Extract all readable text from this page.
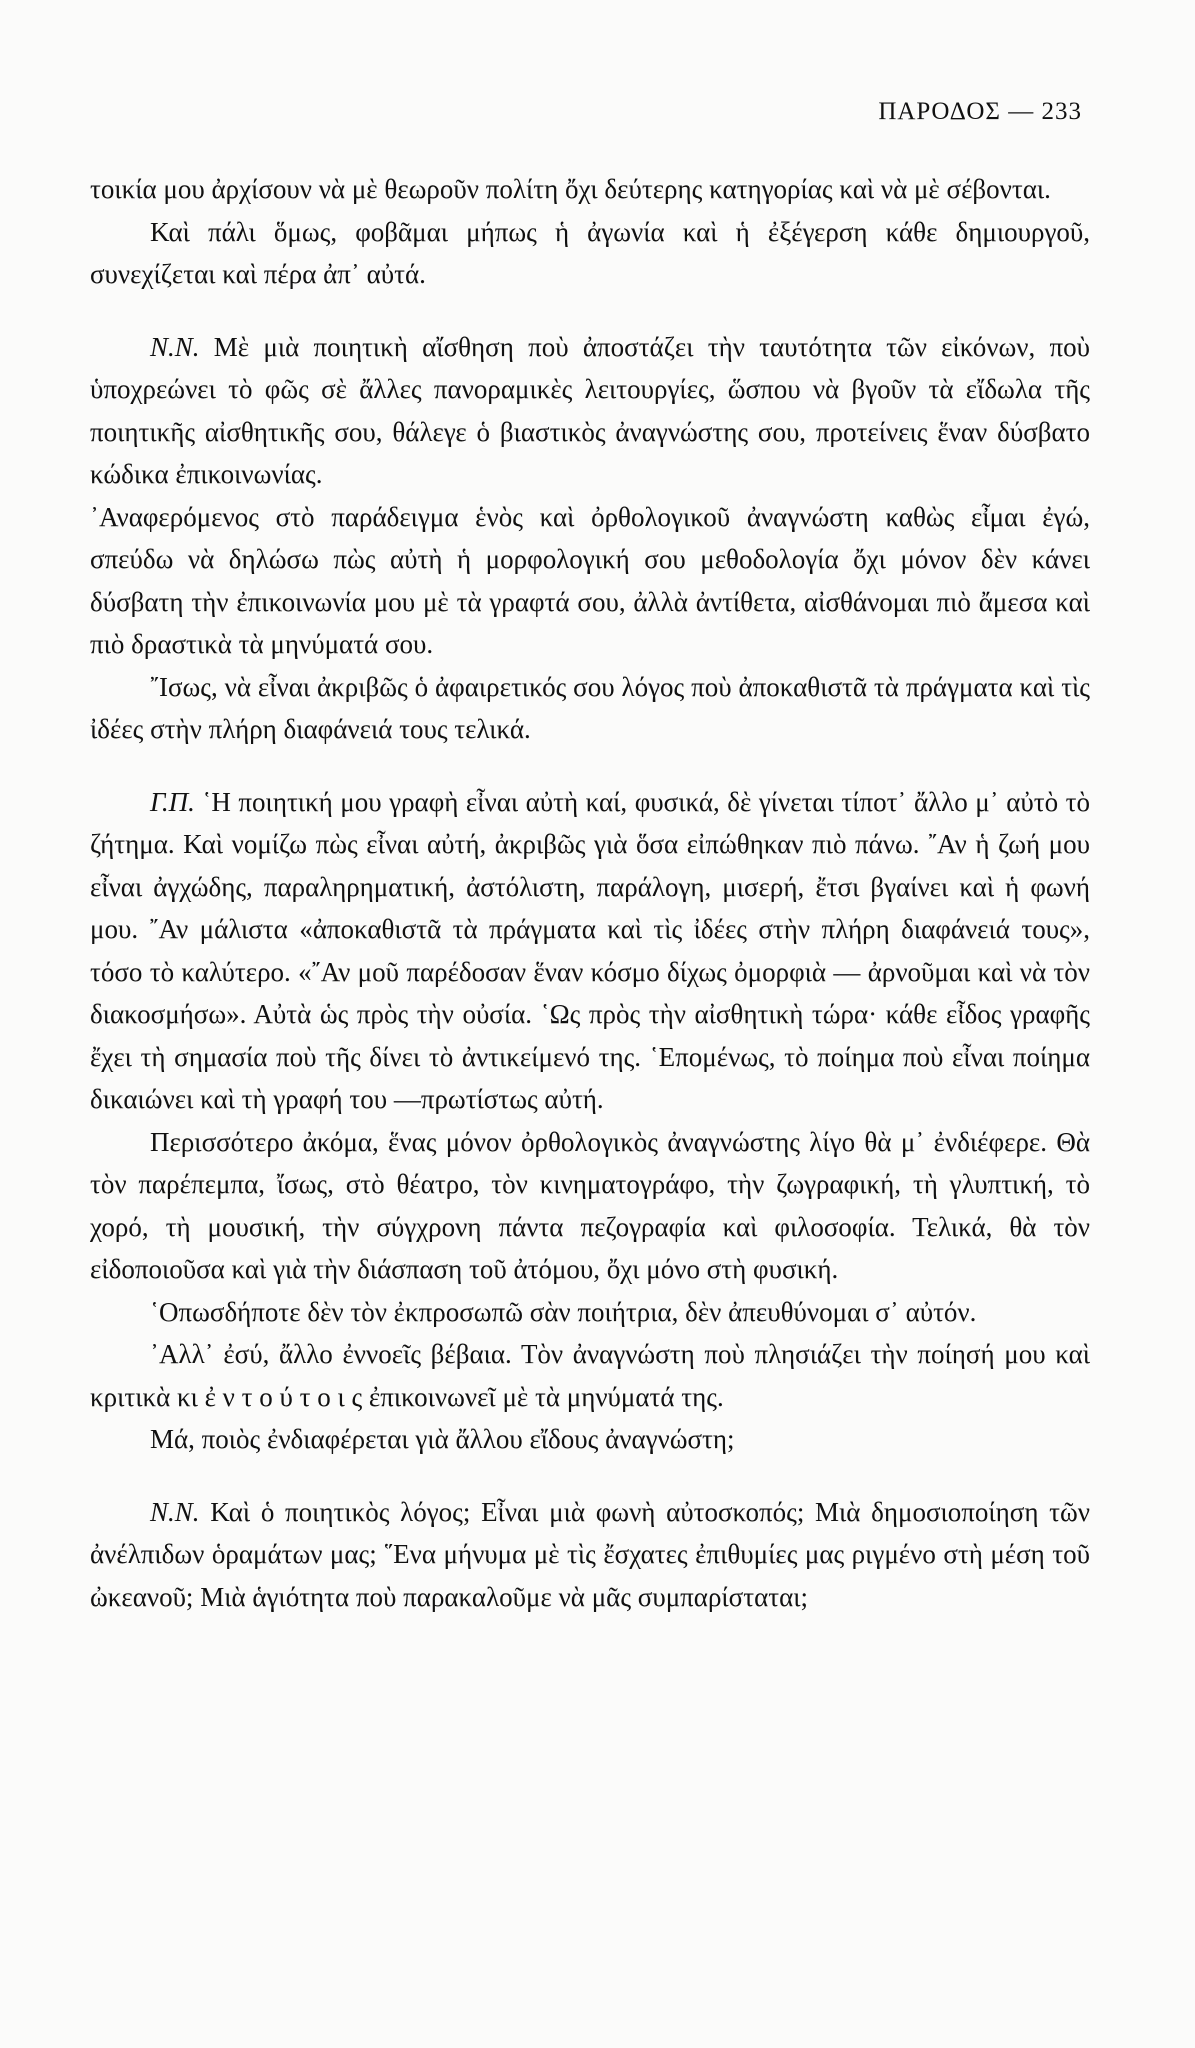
ΠΑΡΟΔΟΣ — 233

τοικία μου ἀρχίσουν νὰ μὲ θεωροῦν πολίτη ὄχι δεύτερης κατηγορίας καὶ νὰ μὲ σέβονται.

Καὶ πάλι ὅμως, φοβᾶμαι μήπως ἡ ἀγωνία καὶ ἡ ἐξέγερση κάθε δημιουργοῦ, συνεχίζεται καὶ πέρα ἀπ᾽ αὐτά.

Ν.Ν. Μὲ μιὰ ποιητικὴ αἴσθηση ποὺ ἀποστάζει τὴν ταυτότητα τῶν εἰκόνων, ποὺ ὑποχρεώνει τὸ φῶς σὲ ἄλλες πανοραμικὲς λειτουργίες, ὥσπου νὰ βγοῦν τὰ εἴδωλα τῆς ποιητικῆς αἰσθητικῆς σου, θάλεγε ὁ βιαστικὸς ἀναγνώστης σου, προτείνεις ἕναν δύσβατο κώδικα ἐπικοινωνίας.

᾽Αναφερόμενος στὸ παράδειγμα ἑνὸς καὶ ὀρθολογικοῦ ἀναγνώστη καθὼς εἶμαι ἐγώ, σπεύδω νὰ δηλώσω πὼς αὐτὴ ἡ μορφολογική σου μεθοδολογία ὄχι μόνον δὲν κάνει δύσβατη τὴν ἐπικοινωνία μου μὲ τὰ γραφτά σου, ἀλλὰ ἀντίθετα, αἰσθάνομαι πιὸ ἄμεσα καὶ πιὸ δραστικὰ τὰ μηνύματά σου.

῎Ισως, νὰ εἶναι ἀκριβῶς ὁ ἀφαιρετικός σου λόγος ποὺ ἀποκαθιστᾶ τὰ πράγματα καὶ τὶς ἰδέες στὴν πλήρη διαφάνειά τους τελικά.

Γ.Π. ῾Η ποιητική μου γραφὴ εἶναι αὐτὴ καί, φυσικά, δὲ γίνεται τίποτ᾽ ἄλλο μ᾽ αὐτὸ τὸ ζήτημα. Καὶ νομίζω πὼς εἶναι αὐτή, ἀκριβῶς γιὰ ὅσα εἰπώθηκαν πιὸ πάνω. ῎Αν ἡ ζωή μου εἶναι ἀγχώδης, παραληρηματική, ἀστόλιστη, παράλογη, μισερή, ἔτσι βγαίνει καὶ ἡ φωνή μου. ῎Αν μάλιστα «ἀποκαθιστᾶ τὰ πράγματα καὶ τὶς ἰδέες στὴν πλήρη διαφάνειά τους», τόσο τὸ καλύτερο. «῎Αν μοῦ παρέδοσαν ἕναν κόσμο δίχως ὀμορφιὰ — ἀρνοῦμαι καὶ νὰ τὸν διακοσμήσω». Αὐτὰ ὡς πρὸς τὴν οὐσία. ῾Ως πρὸς τὴν αἰσθητικὴ τώρα· κάθε εἶδος γραφῆς ἔχει τὴ σημασία ποὺ τῆς δίνει τὸ ἀντικείμενό της. ῾Επομένως, τὸ ποίημα ποὺ εἶναι ποίημα δικαιώνει καὶ τὴ γραφή του —πρωτίστως αὐτή.

Περισσότερο ἀκόμα, ἕνας μόνον ὀρθολογικὸς ἀναγνώστης λίγο θὰ μ᾽ ἐνδιέφερε. Θὰ τὸν παρέπεμπα, ἴσως, στὸ θέατρο, τὸν κινηματογράφο, τὴν ζωγραφική, τὴ γλυπτική, τὸ χορό, τὴ μουσική, τὴν σύγχρονη πάντα πεζογραφία καὶ φιλοσοφία. Τελικά, θὰ τὸν εἰδοποιοῦσα καὶ γιὰ τὴν διάσπαση τοῦ ἀτόμου, ὄχι μόνο στὴ φυσική.

῾Οπωσδήποτε δὲν τὸν ἐκπροσωπῶ σὰν ποιήτρια, δὲν ἀπευθύνομαι σ᾽ αὐτόν.

᾽Αλλ᾽ ἐσύ, ἄλλο ἐννοεῖς βέβαια. Τὸν ἀναγνώστη ποὺ πλησιάζει τὴν ποίησή μου καὶ κριτικὰ κι ἐ ν τ ο ύ τ ο ι ς ἐπικοινωνεῖ μὲ τὰ μηνύματά της.

Μά, ποιὸς ἐνδιαφέρεται γιὰ ἄλλου εἴδους ἀναγνώστη;

Ν.Ν. Καὶ ὁ ποιητικὸς λόγος; Εἶναι μιὰ φωνὴ αὐτοσκοπός; Μιὰ δημοσιοποίηση τῶν ἀνέλπιδων ὁραμάτων μας; ῞Ενα μήνυμα μὲ τὶς ἔσχατες ἐπιθυμίες μας ριγμένο στὴ μέση τοῦ ὠκεανοῦ; Μιὰ ἁγιότητα ποὺ παρακαλοῦμε νὰ μᾶς συμπαρίσταται;
